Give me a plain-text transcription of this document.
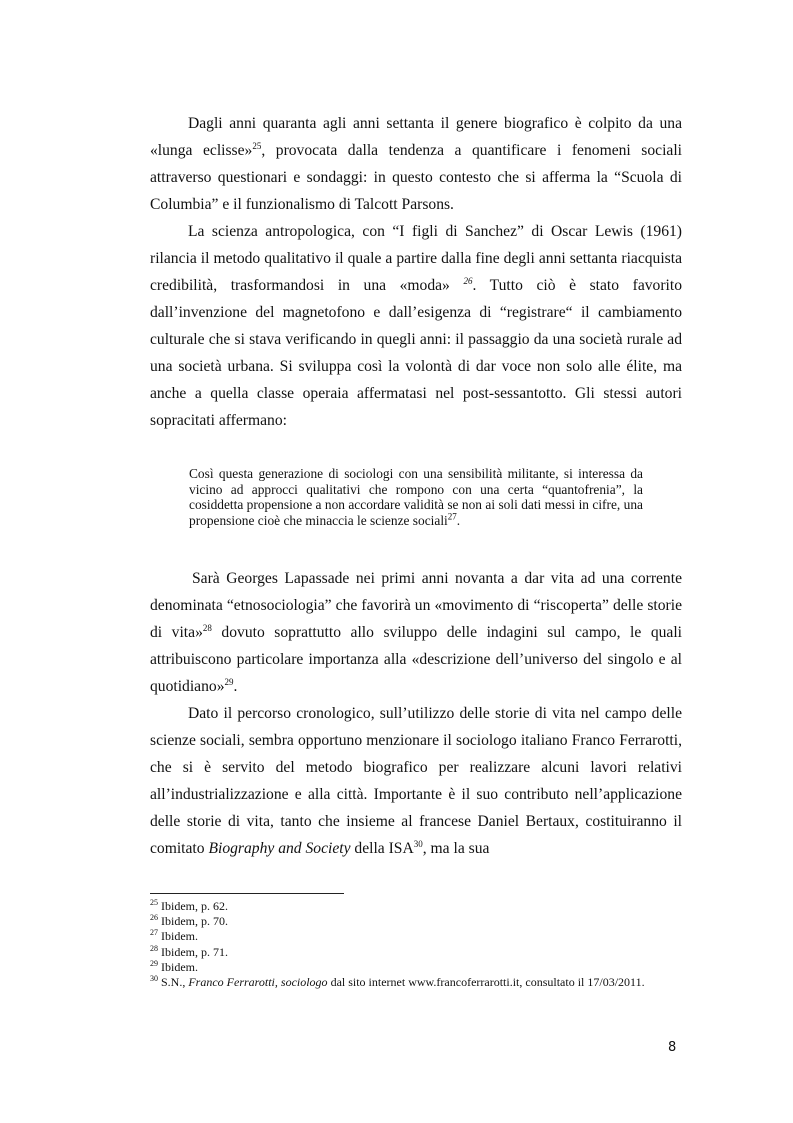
Dagli anni quaranta agli anni settanta il genere biografico è colpito da una «lunga eclisse»$^{25}$, provocata dalla tendenza a quantificare i fenomeni sociali attraverso questionari e sondaggi: in questo contesto che si afferma la “Scuola di Columbia” e il funzionalismo di Talcott Parsons.

La scienza antropologica, con “I figli di Sanchez” di Oscar Lewis (1961) rilancia il metodo qualitativo il quale a partire dalla fine degli anni settanta riacquista credibilità, trasformandosi in una «moda» $^{26}$. Tutto ciò è stato favorito dall’invenzione del magnetofono e dall’esigenza di “registrare“ il cambiamento culturale che si stava verificando in quegli anni: il passaggio da una società rurale ad una società urbana. Si sviluppa così la volontà di dar voce non solo alle élite, ma anche a quella classe operaia affermatasi nel post-sessantotto. Gli stessi autori sopracitati affermano:

Così questa generazione di sociologi con una sensibilità militante, si interessa da vicino ad approcci qualitativi che rompono con una certa “quantofrenia”, la cosiddetta propensione a non accordare validità se non ai soli dati messi in cifre, una propensione cioè che minaccia le scienze sociali$^{27}$.

Sarà Georges Lapassade nei primi anni novanta a dar vita ad una corrente denominata “etnosociologia” che favorirà un «movimento di “riscoperta” delle storie di vita»$^{28}$ dovuto soprattutto allo sviluppo delle indagini sul campo, le quali attribuiscono particolare importanza alla «descrizione dell’universo del singolo e al quotidiano»$^{29}$.

Dato il percorso cronologico, sull’utilizzo delle storie di vita nel campo delle scienze sociali, sembra opportuno menzionare il sociologo italiano Franco Ferrarotti, che si è servito del metodo biografico per realizzare alcuni lavori relativi all’industrializzazione e alla città. Importante è il suo contributo nell’applicazione delle storie di vita, tanto che insieme al francese Daniel Bertaux, costituiranno il comitato Biography and Society della ISA$^{30}$, ma la sua

$^{25}$ Ibidem, p. 62.

$^{26}$ Ibidem, p. 70.

$^{27}$ Ibidem.

$^{28}$ Ibidem, p. 71.

$^{29}$ Ibidem.

$^{30}$ S.N., Franco Ferrarotti, sociologo dal sito internet www.francoferrarotti.it, consultato il 17/03/2011.

8
